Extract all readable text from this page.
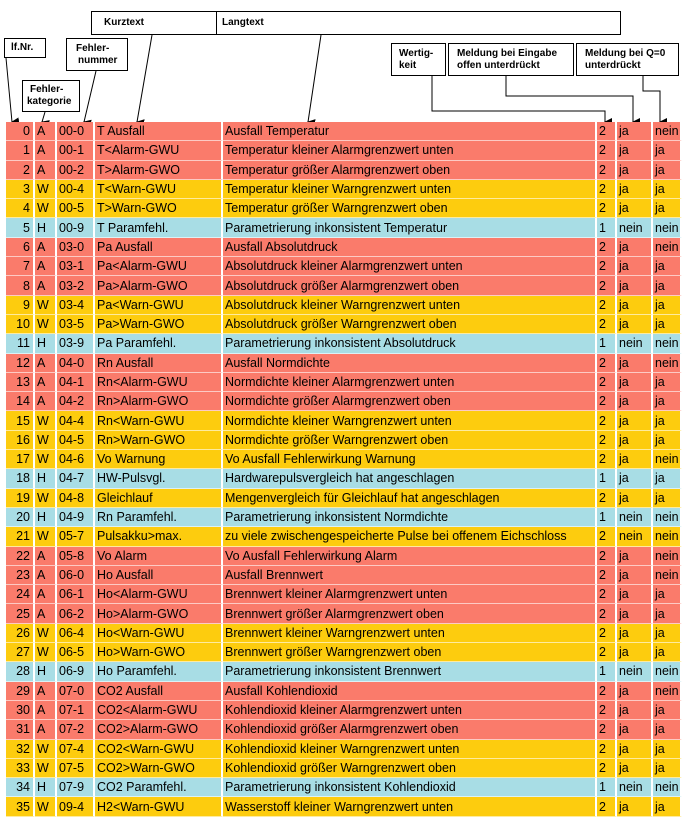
Kurztext	Langtext
lf.Nr.	Fehler-
nummer
Fehler-
kategorie
Wertig-
keit
Meldung bei Eingabe
offen unterdrückt
Meldung bei Q=0
unterdrückt
0	A	00-0	T Ausfall	Ausfall Temperatur	2	ja	nein
1	A	00-1	T<Alarm-GWU	Temperatur kleiner Alarmgrenzwert unten	2	ja	ja
2	A	00-2	T>Alarm-GWO	Temperatur größer Alarmgrenzwert oben	2	ja	ja
3	W	00-4	T<Warn-GWU	Temperatur kleiner Warngrenzwert unten	2	ja	ja
4	W	00-5	T>Warn-GWO	Temperatur größer Warngrenzwert oben	2	ja	ja
5	H	00-9	T Paramfehl.	Parametrierung inkonsistent Temperatur	1	nein	nein
6	A	03-0	Pa Ausfall	Ausfall Absolutdruck	2	ja	nein
7	A	03-1	Pa<Alarm-GWU	Absolutdruck kleiner Alarmgrenzwert unten	2	ja	ja
8	A	03-2	Pa>Alarm-GWO	Absolutdruck größer Alarmgrenzwert oben	2	ja	ja
9	W	03-4	Pa<Warn-GWU	Absolutdruck kleiner Warngrenzwert unten	2	ja	ja
10	W	03-5	Pa>Warn-GWO	Absolutdruck größer Warngrenzwert oben	2	ja	ja
11	H	03-9	Pa Paramfehl.	Parametrierung inkonsistent Absolutdruck	1	nein	nein
12	A	04-0	Rn Ausfall	Ausfall Normdichte	2	ja	nein
13	A	04-1	Rn<Alarm-GWU	Normdichte kleiner Alarmgrenzwert unten	2	ja	ja
14	A	04-2	Rn>Alarm-GWO	Normdichte größer Alarmgrenzwert oben	2	ja	ja
15	W	04-4	Rn<Warn-GWU	Normdichte kleiner Warngrenzwert unten	2	ja	ja
16	W	04-5	Rn>Warn-GWO	Normdichte größer Warngrenzwert oben	2	ja	ja
17	W	04-6	Vo Warnung	Vo Ausfall Fehlerwirkung Warnung	2	ja	nein
18	H	04-7	HW-Pulsvgl.	Hardwarepulsvergleich hat angeschlagen	1	ja	ja
19	W	04-8	Gleichlauf	Mengenvergleich für Gleichlauf hat angeschlagen	2	ja	ja
20	H	04-9	Rn Paramfehl.	Parametrierung inkonsistent Normdichte	1	nein	nein
21	W	05-7	Pulsakku>max.	zu viele zwischengespeicherte Pulse bei offenem Eichschloss	2	nein	nein
22	A	05-8	Vo Alarm	Vo Ausfall Fehlerwirkung Alarm	2	ja	nein
23	A	06-0	Ho Ausfall	Ausfall Brennwert	2	ja	nein
24	A	06-1	Ho<Alarm-GWU	Brennwert kleiner Alarmgrenzwert unten	2	ja	ja
25	A	06-2	Ho>Alarm-GWO	Brennwert größer Alarmgrenzwert oben	2	ja	ja
26	W	06-4	Ho<Warn-GWU	Brennwert kleiner Warngrenzwert unten	2	ja	ja
27	W	06-5	Ho>Warn-GWO	Brennwert größer Warngrenzwert oben	2	ja	ja
28	H	06-9	Ho Paramfehl.	Parametrierung inkonsistent Brennwert	1	nein	nein
29	A	07-0	CO2 Ausfall	Ausfall Kohlendioxid	2	ja	nein
30	A	07-1	CO2<Alarm-GWU	Kohlendioxid kleiner Alarmgrenzwert unten	2	ja	ja
31	A	07-2	CO2>Alarm-GWO	Kohlendioxid größer Alarmgrenzwert oben	2	ja	ja
32	W	07-4	CO2<Warn-GWU	Kohlendioxid kleiner Warngrenzwert unten	2	ja	ja
33	W	07-5	CO2>Warn-GWO	Kohlendioxid größer Warngrenzwert oben	2	ja	ja
34	H	07-9	CO2 Paramfehl.	Parametrierung inkonsistent Kohlendioxid	1	nein	nein
35	W	09-4	H2<Warn-GWU	Wasserstoff kleiner Warngrenzwert unten	2	ja	ja
